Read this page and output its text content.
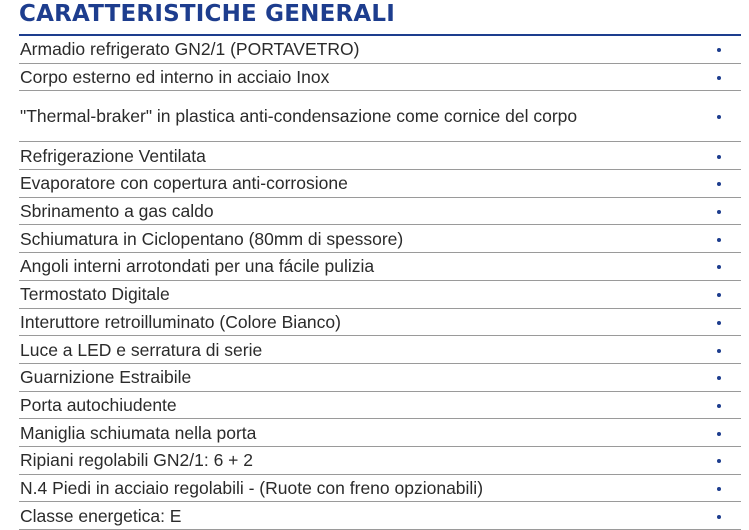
CARATTERISTICHE GENERALI
Armadio refrigerato GN2/1 (PORTAVETRO)
Corpo esterno ed interno in acciaio Inox
"Thermal-braker" in plastica anti-condensazione come cornice del corpo
Refrigerazione Ventilata
Evaporatore con copertura anti-corrosione
Sbrinamento a gas caldo
Schiumatura in Ciclopentano (80mm di spessore)
Angoli interni arrotondati per una fácile pulizia
Termostato Digitale
Interuttore retroilluminato (Colore Bianco)
Luce a LED e serratura di serie
Guarnizione Estraibile
Porta autochiudente
Maniglia schiumata nella porta
Ripiani regolabili GN2/1: 6 + 2
N.4 Piedi in acciaio regolabili - (Ruote con freno opzionabili)
Classe energetica: E
